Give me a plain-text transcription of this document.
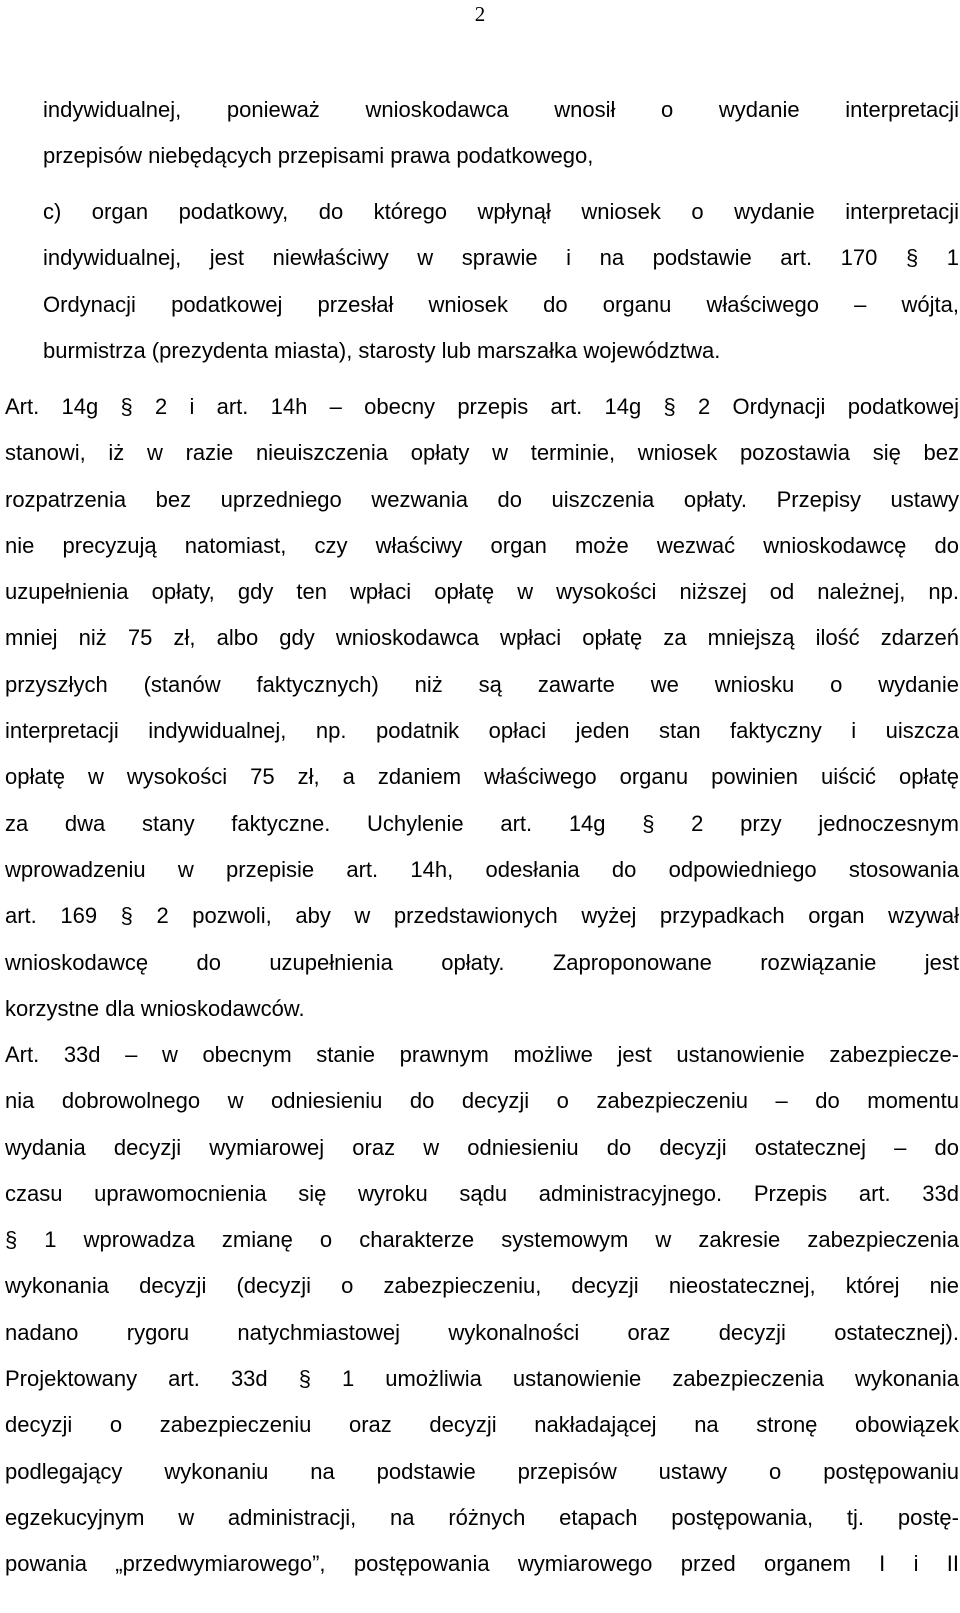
2
indywidualnej, ponieważ wnioskodawca wnosił o wydanie interpretacji
przepisów niebędących przepisami prawa podatkowego,
c) organ podatkowy, do którego wpłynął wniosek o wydanie interpretacji
indywidualnej, jest niewłaściwy w sprawie i na podstawie art. 170 § 1
Ordynacji podatkowej przesłał wniosek do organu właściwego – wójta,
burmistrza (prezydenta miasta), starosty lub marszałka województwa.
Art. 14g § 2 i art. 14h – obecny przepis art. 14g § 2 Ordynacji podatkowej
stanowi, iż w razie nieuiszczenia opłaty w terminie, wniosek pozostawia się bez
rozpatrzenia bez uprzedniego wezwania do uiszczenia opłaty. Przepisy ustawy
nie precyzują natomiast, czy właściwy organ może wezwać wnioskodawcę do
uzupełnienia opłaty, gdy ten wpłaci opłatę w wysokości niższej od należnej, np.
mniej niż 75 zł, albo gdy wnioskodawca wpłaci opłatę za mniejszą ilość zdarzeń
przyszłych (stanów faktycznych) niż są zawarte we wniosku o wydanie
interpretacji indywidualnej, np. podatnik opłaci jeden stan faktyczny i uiszcza
opłatę w wysokości 75 zł, a zdaniem właściwego organu powinien uiścić opłatę
za dwa stany faktyczne. Uchylenie art. 14g § 2 przy jednoczesnym
wprowadzeniu w przepisie art. 14h, odesłania do odpowiedniego stosowania
art. 169 § 2 pozwoli, aby w przedstawionych wyżej przypadkach organ wzywał
wnioskodawcę do uzupełnienia opłaty. Zaproponowane rozwiązanie jest
korzystne dla wnioskodawców.
Art. 33d – w obecnym stanie prawnym możliwe jest ustanowienie zabezpiecze-
nia dobrowolnego w odniesieniu do decyzji o zabezpieczeniu – do momentu
wydania decyzji wymiarowej oraz w odniesieniu do decyzji ostatecznej – do
czasu uprawomocnienia się wyroku sądu administracyjnego. Przepis art. 33d
§ 1 wprowadza zmianę o charakterze systemowym w zakresie zabezpieczenia
wykonania decyzji (decyzji o zabezpieczeniu, decyzji nieostatecznej, której nie
nadano rygoru natychmiastowej wykonalności oraz decyzji ostatecznej).
Projektowany art. 33d § 1 umożliwia ustanowienie zabezpieczenia wykonania
decyzji o zabezpieczeniu oraz decyzji nakładającej na stronę obowiązek
podlegający wykonaniu na podstawie przepisów ustawy o postępowaniu
egzekucyjnym w administracji, na różnych etapach postępowania, tj. postę-
powania „przedwymiarowego”, postępowania wymiarowego przed organem I i II
